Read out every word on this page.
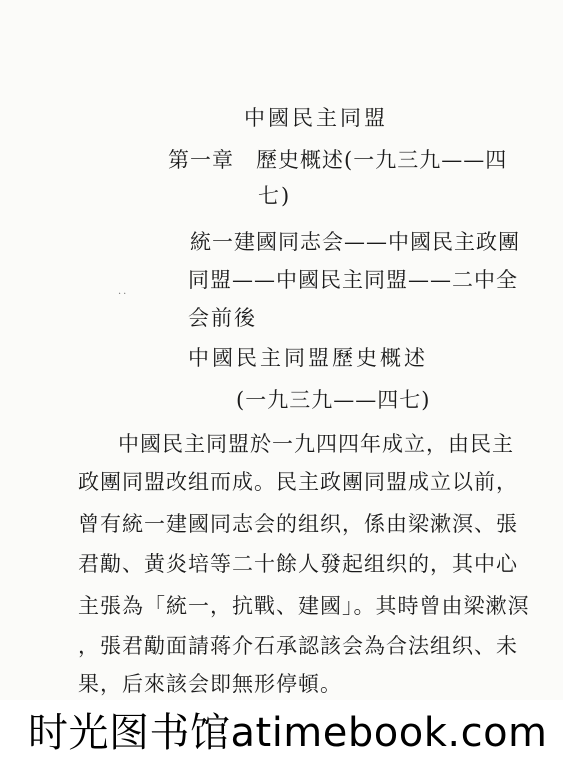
中國民主同盟
第一章　歷史概述(一九三九——四
七)
統一建國同志会——中國民主政團
同盟——中國民主同盟——二中全
会前後
..
中國民主同盟歷史概述
(一九三九——四七)
中國民主同盟於一九四四年成立，由民主
政團同盟改组而成。民主政團同盟成立以前，
曾有統一建國同志会的组织，係由梁漱溟、張
君勱、黄炎培等二十餘人發起组织的，其中心
主張為「統一，抗戰、建國」。其時曾由梁漱溟
，張君勱面請蒋介石承認該会為合法组织、未
果，后來該会即無形停頓。
时光图书馆atimebook.com
